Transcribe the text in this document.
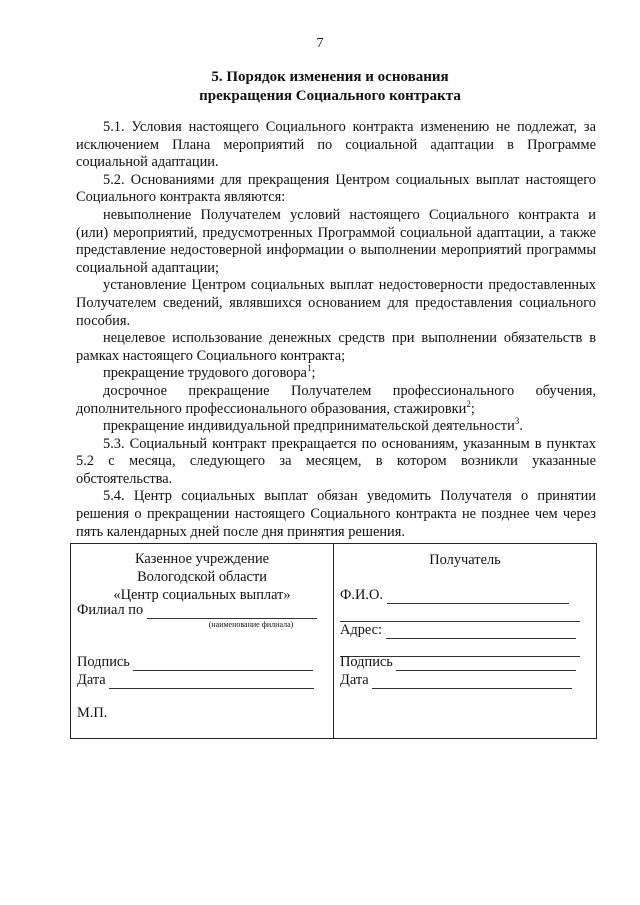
7
5. Порядок изменения и основания
прекращения Социального контракта

5.1. Условия настоящего Социального контракта изменению не подлежат, за исключением Плана мероприятий по социальной адаптации в Программе социальной адаптации.

5.2. Основаниями для прекращения Центром социальных выплат настоящего Социального контракта являются:

невыполнение Получателем условий настоящего Социального контракта и (или) мероприятий, предусмотренных Программой социальной адаптации, а также представление недостоверной информации о выполнении мероприятий программы социальной адаптации;

установление Центром социальных выплат недостоверности предоставленных Получателем сведений, являвшихся основанием для предоставления социального пособия.

нецелевое использование денежных средств при выполнении обязательств в рамках настоящего Социального контракта;

прекращение трудового договора$^1$;

досрочное прекращение Получателем профессионального обучения, дополнительного профессионального образования, стажировки$^2$;

прекращение индивидуальной предпринимательской деятельности$^3$.

5.3. Социальный контракт прекращается по основаниям, указанным в пунктах 5.2 с месяца, следующего за месяцем, в котором возникли указанные обстоятельства.

5.4. Центр социальных выплат обязан уведомить Получателя о принятии решения о прекращении настоящего Социального контракта не позднее чем через пять календарных дней после дня принятия решения.

Казенное учреждение
Вологодской области
«Центр социальных выплат»
Филиал по
(наименование филиала)
Подпись
Дата
М.П.

Получатель
Ф.И.О.
Адрес:
Подпись
Дата
